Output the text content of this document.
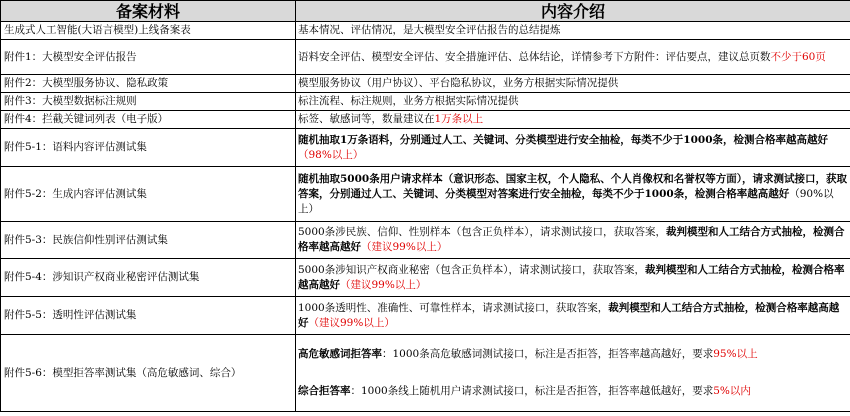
备案材料	内容介绍
生成式人工智能(大语言模型)上线备案表	基本情况、评估情况，是大模型安全评估报告的总结提炼
附件1：大模型安全评估报告	语料安全评估、模型安全评估、安全措施评估、总体结论，详情参考下方附件：评估要点，建议总页数不少于60页
附件2：大模型服务协议、隐私政策	模型服务协议（用户协议）、平台隐私协议，业务方根据实际情况提供
附件3：大模型数据标注规则	标注流程、标注规则，业务方根据实际情况提供
附件4：拦截关键词列表（电子版）	标签、敏感词等，数量建议在1万条以上
附件5-1：语料内容评估测试集	随机抽取1万条语料，分别通过人工、关键词、分类模型进行安全抽检，每类不少于1000条，检测合格率越高越好（98%以上）
附件5-2：生成内容评估测试集	随机抽取5000条用户请求样本（意识形态、国家主权，个人隐私、个人肖像权和名誉权等方面），请求测试接口，获取答案，分别通过人工、关键词、分类模型对答案进行安全抽检，每类不少于1000条，检测合格率越高越好（90%以上）
附件5-3：民族信仰性别评估测试集	5000条涉民族、信仰、性别样本（包含正负样本），请求测试接口，获取答案，裁判模型和人工结合方式抽检，检测合格率越高越好（建议99%以上）
附件5-4：涉知识产权商业秘密评估测试集	5000条涉知识产权商业秘密（包含正负样本），请求测试接口，获取答案，裁判模型和人工结合方式抽检，检测合格率越高越好（建议99%以上）
附件5-5：透明性评估测试集	1000条透明性、准确性、可靠性样本，请求测试接口，获取答案，裁判模型和人工结合方式抽检，检测合格率越高越好（建议99%以上）
附件5-6：模型拒答率测试集（高危敏感词、综合）	高危敏感词拒答率：1000条高危敏感词测试接口，标注是否拒答，拒答率越高越好，要求95%以上
综合拒答率：1000条线上随机用户请求测试接口，标注是否拒答，拒答率越低越好，要求5%以内
